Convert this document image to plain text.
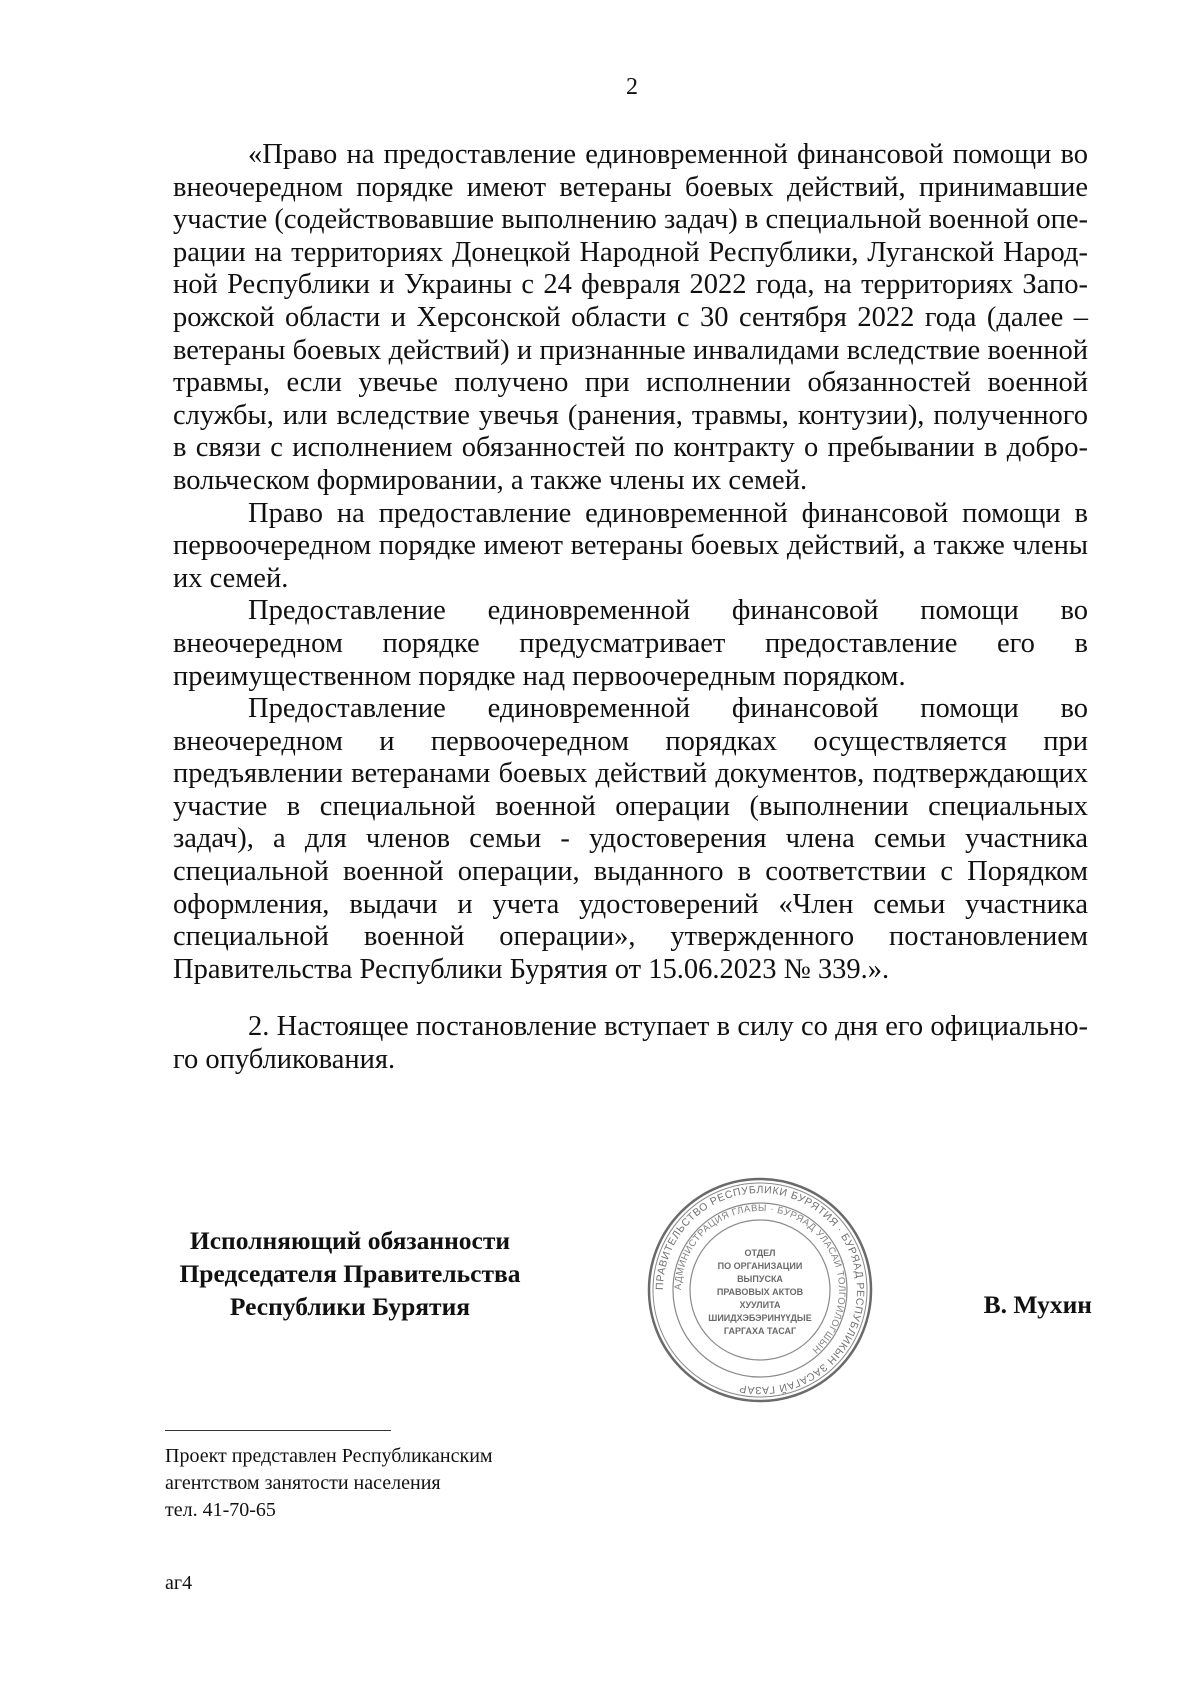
2

«Право на предоставление единовременной финансовой помощи во внеочередном порядке имеют ветераны боевых действий, принимавшие участие (содействовавшие выполнению задач) в специальной военной операции на территориях Донецкой Народной Республики, Луганской Народной Республики и Украины с 24 февраля 2022 года, на территориях Запорожской области и Херсонской области с 30 сентября 2022 года (далее – ветераны боевых действий) и признанные инвалидами вследствие военной травмы, если увечье получено при исполнении обязанностей военной службы, или вследствие увечья (ранения, травмы, контузии), полученного в связи с исполнением обязанностей по контракту о пребывании в добровольческом формировании, а также члены их семей.

Право на предоставление единовременной финансовой помощи в первоочередном порядке имеют ветераны боевых действий, а также члены их семей.

Предоставление единовременной финансовой помощи во внеочередном порядке предусматривает предоставление его в преимущественном порядке над первоочередным порядком.

Предоставление единовременной финансовой помощи во внеочередном и первоочередном порядках осуществляется при предъявлении ветеранами боевых действий документов, подтверждающих участие в специальной военной операции (выполнении специальных задач), а для членов семьи - удостоверения члена семьи участника специальной военной операции, выданного в соответствии с Порядком оформления, выдачи и учета удостоверений «Член семьи участника специальной военной операции», утвержденного постановлением Правительства Республики Бурятия от 15.06.2023 № 339.».

2. Настоящее постановление вступает в силу со дня его официального опубликования.

Исполняющий обязанности
Председателя Правительства
Республики Бурятия
ПРАВИТЕЛЬСТВО РЕСПУБЛИКИ БУРЯТИЯ · БУРЯАД РЕСПУБЛИКЫН ЗАСАГАЙ ГАЗАР
АДМИНИСТРАЦИЯ ГЛАВЫ · БУРЯАД УЛАСАЙ ТОЛГОЙЛОГШЫН
ОТДЕЛ
ПО ОРГАНИЗАЦИИ
ВЫПУСКА
ПРАВОВЫХ АКТОВ
ХУУЛИТА
ШИИДХЭБЭРИНҮҮДЫЕ
ГАРГАХА ТАСАГ
В. Мухин
Проект представлен Республиканским
агентством занятости населения
тел. 41-70-65
аг4
